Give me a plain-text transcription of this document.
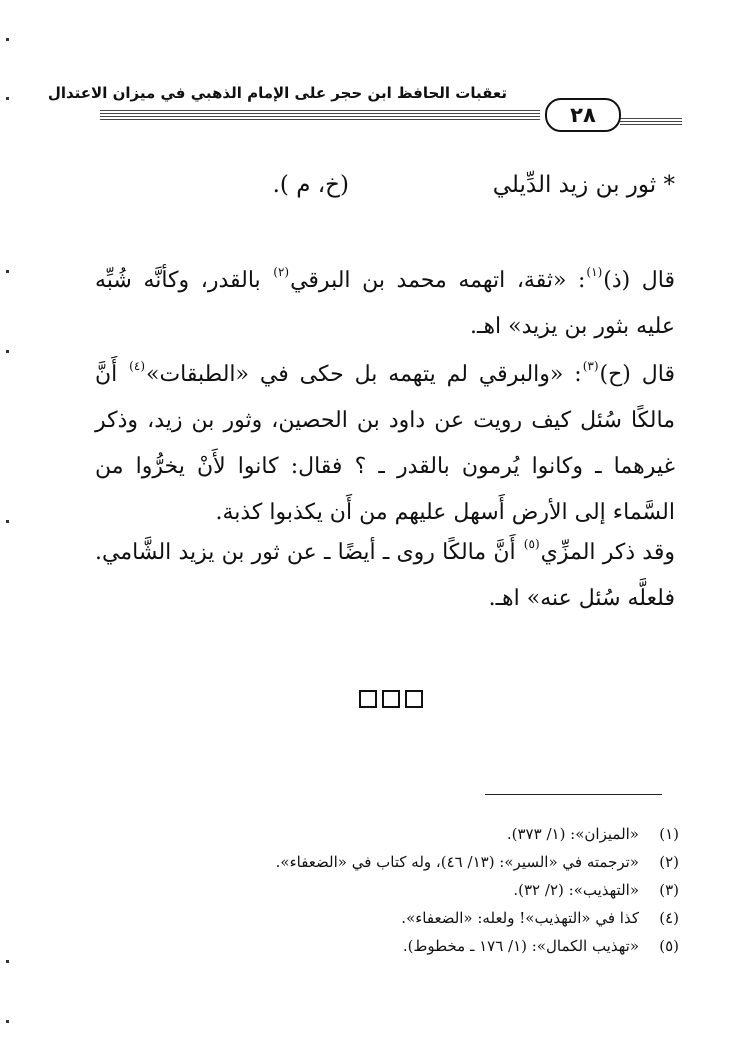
تعقبات الحافظ ابن حجر على الإمام الذهبي في ميزان الاعتدال
٢٨
* ثور بن زيد الدِّيلي
(خ، م ).
قال (ذ)$^{(١)}$: «ثقة، اتهمه محمد بن البرقي$^{(٢)}$ بالقدر، وكأنَّه شُبِّه عليه بثور بن يزيد» اهـ.
قال (ح)$^{(٣)}$: «والبرقي لم يتهمه بل حكى في «الطبقات»$^{(٤)}$ أَنَّ مالكًا سُئل كيف رويت عن داود بن الحصين، وثور بن زيد، وذكر غيرهما ـ وكانوا يُرمون بالقدر ـ ؟ فقال: كانوا لأَنْ يخرُّوا من السَّماء إلى الأرض أَسهل عليهم من أَن يكذبوا كذبة.
وقد ذكر المزِّي$^{(٥)}$ أَنَّ مالكًا روى ـ أيضًا ـ عن ثور بن يزيد الشَّامي. فلعلَّه سُئل عنه» اهـ.
(١)«الميزان»: (١/ ٣٧٣).
(٢)«ترجمته في «السير»: (١٣/ ٤٦)، وله كتاب في «الضعفاء».
(٣)«التهذيب»: (٢/ ٣٢).
(٤)كذا في «التهذيب»! ولعله: «الضعفاء».
(٥)«تهذيب الكمال»: (١/ ١٧٦ ـ مخطوط).
